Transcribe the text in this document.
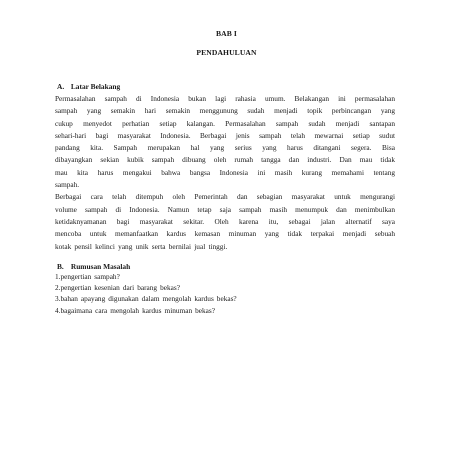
BAB I
PENDAHULUAN
A. Latar Belakang
Permasalahan sampah di Indonesia bukan lagi rahasia umum. Belakangan ini permasalahan
sampah yang semakin hari semakin menggunung sudah menjadi topik perbincangan yang
cukup menyedot perhatian setiap kalangan. Permasalahan sampah sudah menjadi santapan
sehari-hari bagi masyarakat Indonesia. Berbagai jenis sampah telah mewarnai setiap sudut
pandang kita. Sampah merupakan hal yang serius yang harus ditangani segera. Bisa
dibayangkan sekian kubik sampah dibuang oleh rumah tangga dan industri. Dan mau tidak
mau kita harus mengakui bahwa bangsa Indonesia ini masih kurang memahami tentang
sampah.
Berbagai cara telah ditempuh oleh Pemerintah dan sebagian masyarakat untuk mengurangi
volume sampah di Indonesia. Namun tetap saja sampah masih menumpuk dan menimbulkan
ketidaknyamanan bagi masyarakat sekitar. Oleh karena itu, sebagai jalan alternatif saya
mencoba untuk memanfaatkan kardus kemasan minuman yang tidak terpakai menjadi sebuah
kotak pensil kelinci yang unik serta bernilai jual tinggi.
B. Rumusan Masalah
1.pengertian sampah?
2.pengertian kesenian dari barang bekas?
3.bahan apayang digunakan dalam mengolah kardus bekas?
4.bagaimana cara mengolah kardus minuman bekas?
